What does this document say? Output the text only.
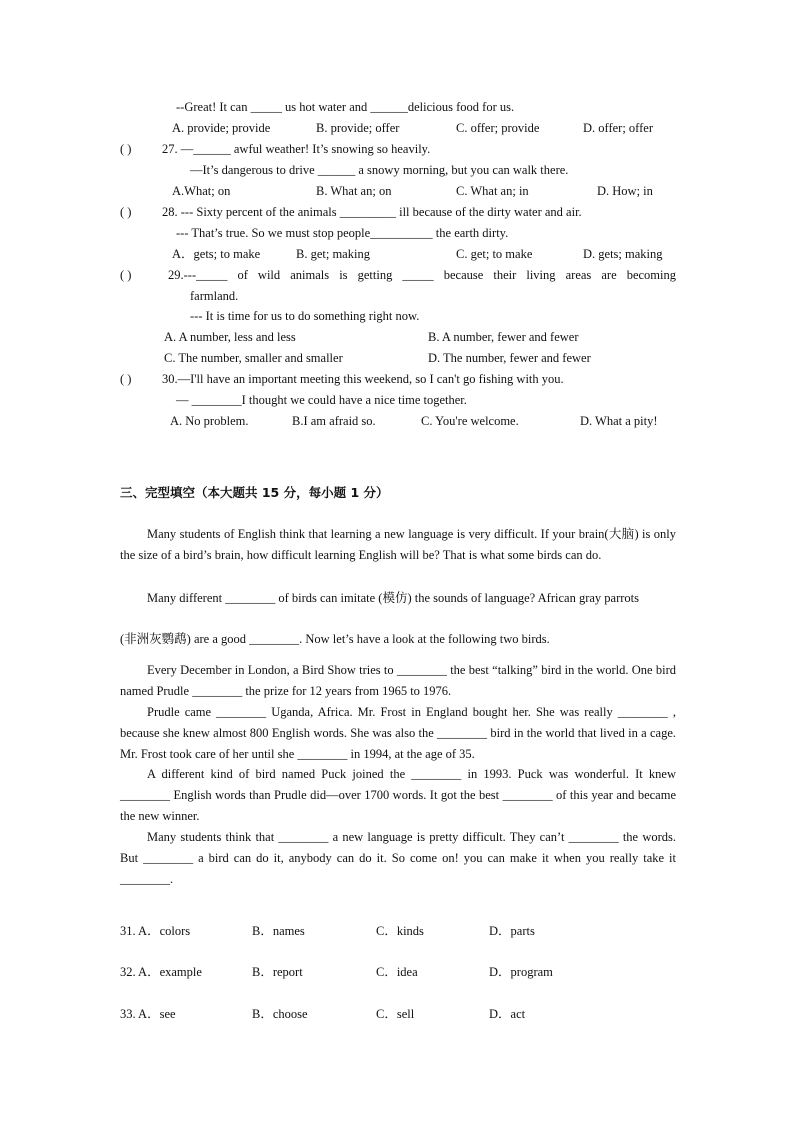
--Great! It can _____ us hot water and ______delicious food for us.
A. provide; provide	B. provide; offer	C. offer; provide	D. offer; offer
( ) 27. —______ awful weather! It’s snowing so heavily.
—It’s dangerous to drive ______ a snowy morning, but you can walk there.
A.What; on	B. What an; on	C. What an; in	D. How; in
( ) 28. --- Sixty percent of the animals _________ ill because of the dirty water and air.
--- That’s true. So we must stop people__________ the earth dirty.
A．gets; to make	B. get; making	C. get; to make	D. gets; making
( )	29.---_____ of wild animals is getting _____ because their living areas are becoming
farmland.
--- It is time for us to do something right now.
A. A number, less and less	B. A number, fewer and fewer
C. The number, smaller and smaller	D. The number, fewer and fewer
( ) 30.—I'll have an important meeting this weekend, so I can't go fishing with you.
— ________I thought we could have a nice time together.
A. No problem.	B.I am afraid so.	C. You're welcome.	D. What a pity!
三、完型填空（本大题共 15 分，每小题 1 分）
Many students of English think that learning a new language is very difficult. If your brain(大脑) is only the size of a bird’s brain, how difficult learning English will be? That is what some birds can do.
Many different ________ of birds can imitate (模仿) the sounds of language? African gray parrots
(非洲灰鹦鹉) are a good ________. Now let’s have a look at the following two birds.
Every December in London, a Bird Show tries to ________ the best “talking” bird in the world. One bird named Prudle ________ the prize for 12 years from 1965 to 1976.
Prudle came ________ Uganda, Africa. Mr. Frost in England bought her. She was really ________ , because she knew almost 800 English words. She was also the ________ bird in the world that lived in a cage. Mr. Frost took care of her until she ________ in 1994, at the age of 35.
A different kind of bird named Puck joined the ________ in 1993. Puck was wonderful. It knew ________ English words than Prudle did—over 1700 words. It got the best ________ of this year and became the new winner.
Many students think that ________ a new language is pretty difficult. They can’t ________ the words. But ________ a bird can do it, anybody can do it. So come on! you can make it when you really take it ________.
31. A．colors	B．names	C．kinds	D．parts
32. A．example	B．report	C．idea	D．program
33. A．see	B．choose	C．sell	D．act
